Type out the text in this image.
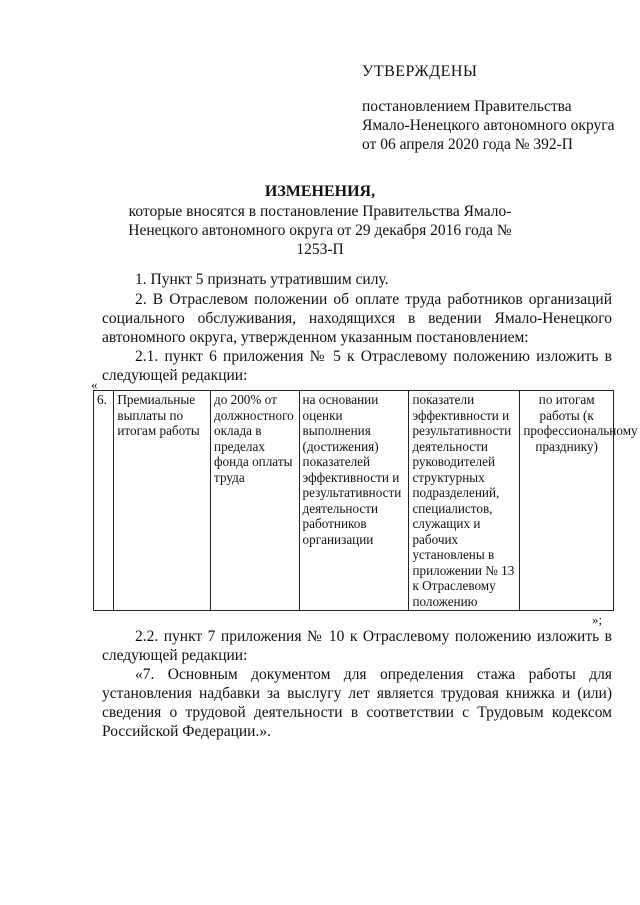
УТВЕРЖДЕНЫ
постановлением Правительства
Ямало-Ненецкого автономного округа
от 06 апреля 2020 года № 392-П
ИЗМЕНЕНИЯ,
которые вносятся в постановление Правительства Ямало-Ненецкого автономного округа от 29 декабря 2016 года № 1253-П
1. Пункт 5 признать утратившим силу.
2. В Отраслевом положении об оплате труда работников организаций социального обслуживания, находящихся в ведении Ямало-Ненецкого автономного округа, утвержденном указанным постановлением:
2.1. пункт 6 приложения № 5 к Отраслевому положению изложить в следующей редакции:
«
6.	Премиальные выплаты по итогам работы	до 200% от должностного оклада в пределах фонда оплаты труда	на основании оценки выполнения (достижения) показателей эффективности и результативности деятельности работников организации	показатели эффективности и результативности деятельности руководителей структурных подразделений, специалистов, служащих и рабочих установлены в приложении № 13 к Отраслевому положению	по итогам работы (к профессиональному празднику)
»;
2.2. пункт 7 приложения № 10 к Отраслевому положению изложить в следующей редакции:
«7. Основным документом для определения стажа работы для установления надбавки за выслугу лет является трудовая книжка и (или) сведения о трудовой деятельности в соответствии с Трудовым кодексом Российской Федерации.».
